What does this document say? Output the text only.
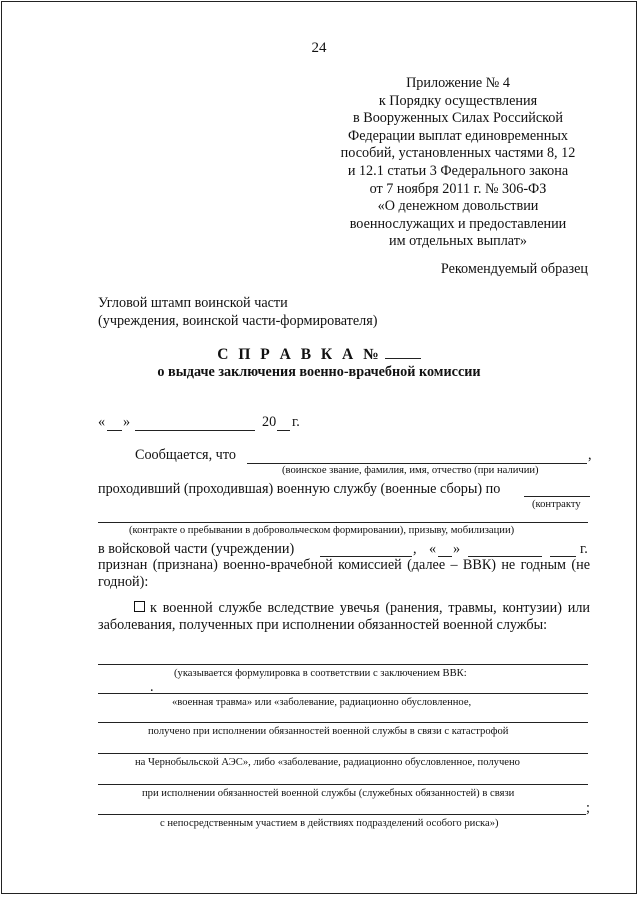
24
Приложение № 4
к Порядку осуществления
в Вооруженных Силах Российской
Федерации выплат единовременных
пособий, установленных частями 8, 12
и 12.1 статьи 3 Федерального закона
от 7 ноября 2011 г. № 306-ФЗ
«О денежном довольствии
военнослужащих и предоставлении
им отдельных выплат»
Рекомендуемый образец
Угловой штамп воинской части
(учреждения, воинской части-формирователя)
С П Р А В К А №
о выдаче заключения военно-врачебной комиссии
« »	20 г.
Сообщается, что	,
(воинское звание, фамилия, имя, отчество (при наличии)
проходивший (проходившая) военную службу (военные сборы) по
(контракту
(контракте о пребывании в добровольческом формировании), призыву, мобилизации)
в войсковой части (учреждении)	, « »	г.
признан (признана) военно-врачебной комиссией (далее – ВВК) не годным (не годной):
к военной службе вследствие увечья (ранения, травмы, контузии) или заболевания, полученных при исполнении обязанностей военной службы:
(указывается формулировка в соответствии с заключением ВВК:
.
«военная травма» или «заболевание, радиационно обусловленное,
получено при исполнении обязанностей военной службы в связи с катастрофой
на Чернобыльской АЭС», либо «заболевание, радиационно обусловленное, получено
при исполнении обязанностей военной службы (служебных обязанностей) в связи
;
с непосредственным участием в действиях подразделений особого риска»)
